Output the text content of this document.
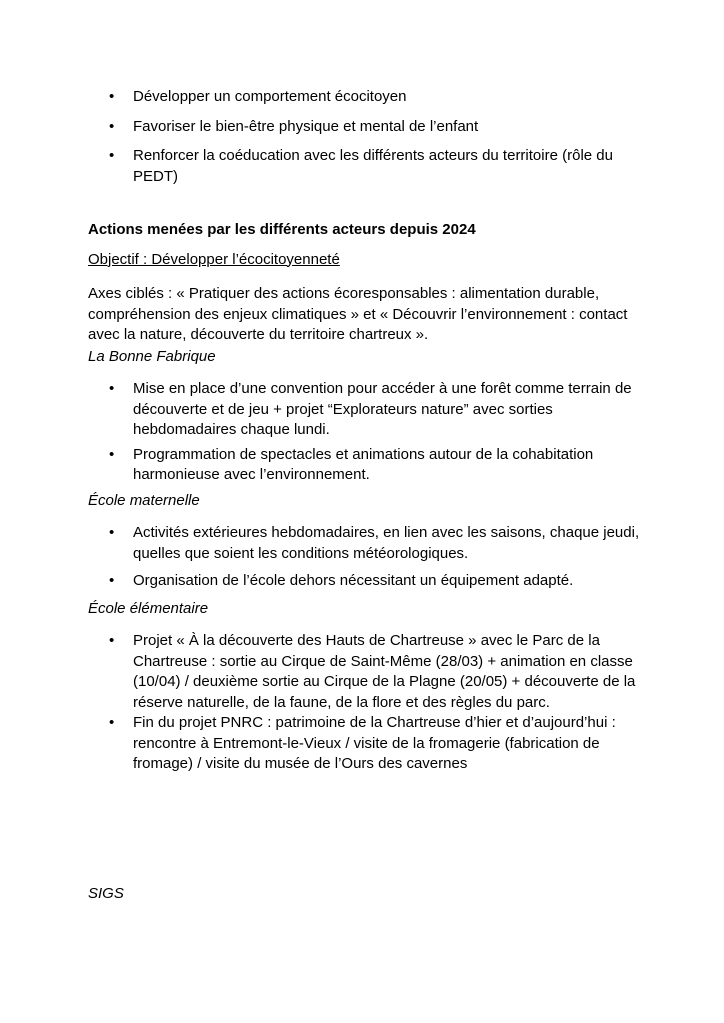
• Développer un comportement écocitoyen
• Favoriser le bien-être physique et mental de l’enfant
• Renforcer la coéducation avec les différents acteurs du territoire (rôle du PEDT)

Actions menées par les différents acteurs depuis 2024

Objectif : Développer l’écocitoyenneté

Axes ciblés : « Pratiquer des actions écoresponsables : alimentation durable, compréhension des enjeux climatiques » et « Découvrir l’environnement : contact avec la nature, découverte du territoire chartreux ».

La Bonne Fabrique

• Mise en place d’une convention pour accéder à une forêt comme terrain de découverte et de jeu + projet “Explorateurs nature” avec sorties hebdomadaires chaque lundi.
• Programmation de spectacles et animations autour de la cohabitation harmonieuse avec l’environnement.

École maternelle

• Activités extérieures hebdomadaires, en lien avec les saisons, chaque jeudi, quelles que soient les conditions météorologiques.
• Organisation de l’école dehors nécessitant un équipement adapté.

École élémentaire

• Projet « À la découverte des Hauts de Chartreuse » avec le Parc de la Chartreuse : sortie au Cirque de Saint-Même (28/03) + animation en classe (10/04) / deuxième sortie au Cirque de la Plagne (20/05) + découverte de la réserve naturelle, de la faune, de la flore et des règles du parc.
• Fin du projet PNRC : patrimoine de la Chartreuse d’hier et d’aujourd’hui : rencontre à Entremont-le-Vieux / visite de la fromagerie (fabrication de fromage) / visite du musée de l’Ours des cavernes

SIGS
